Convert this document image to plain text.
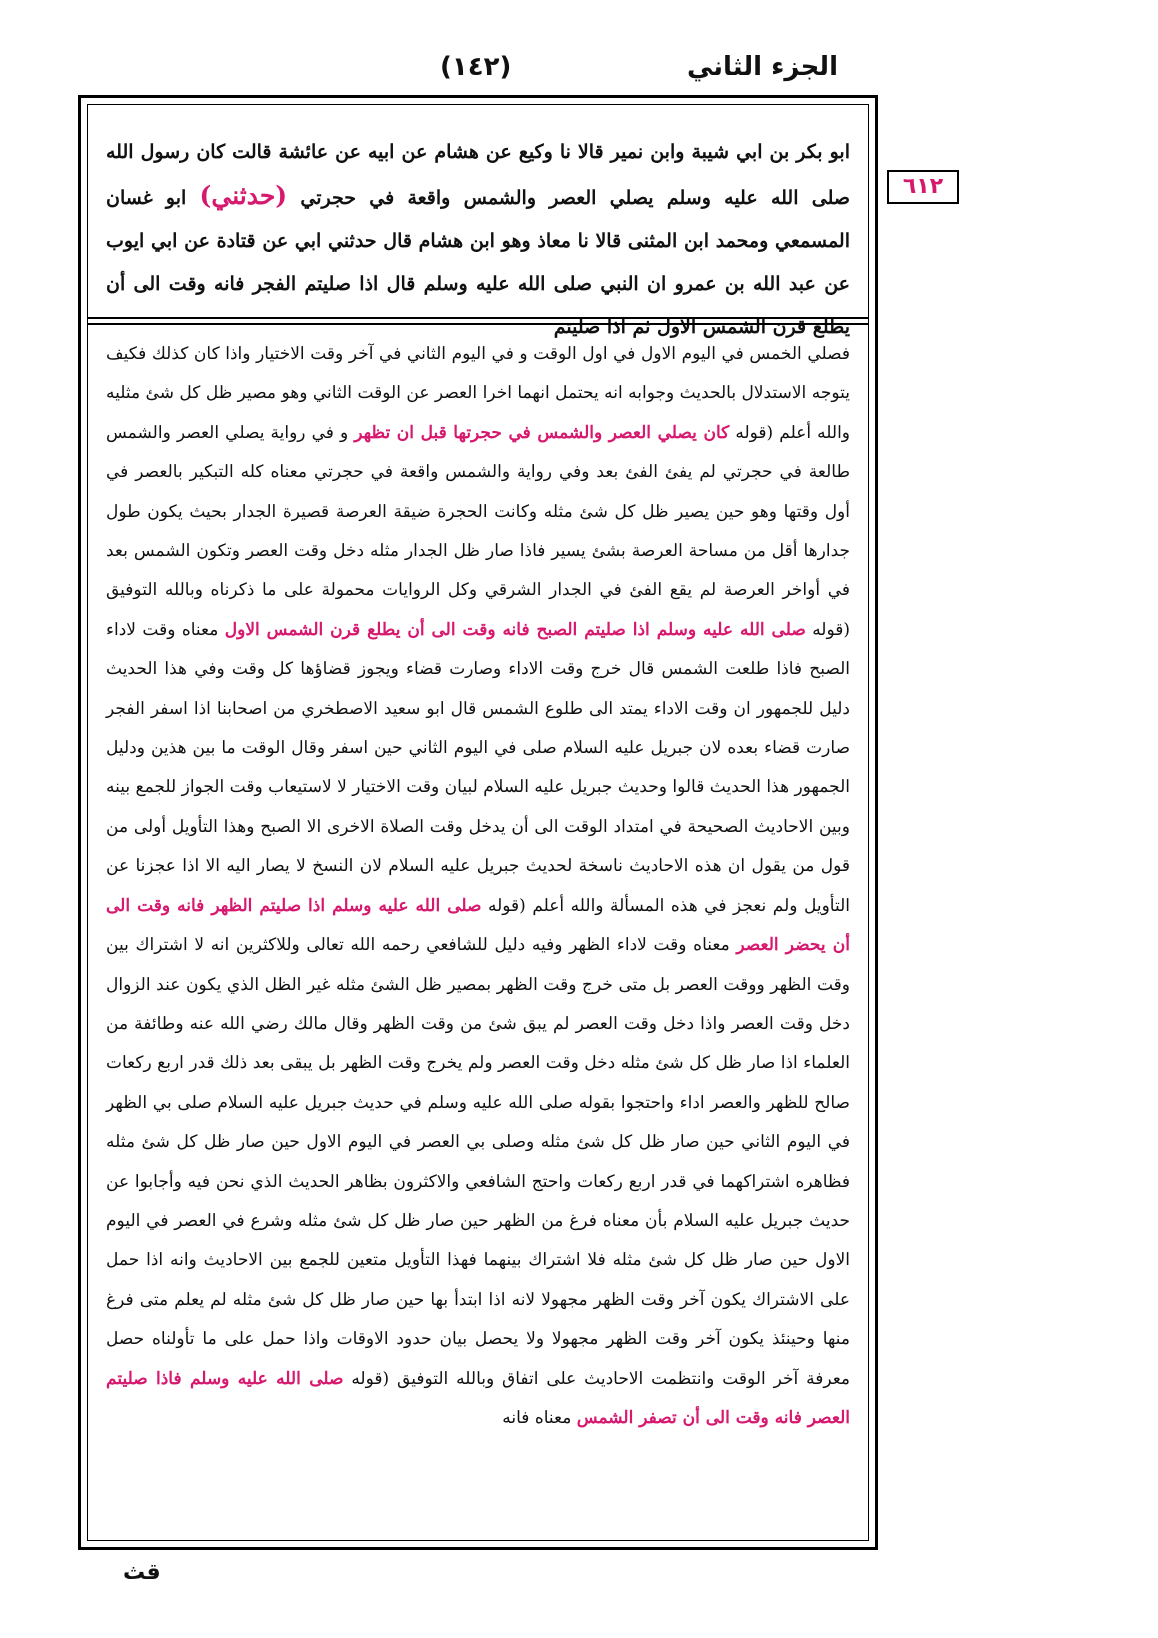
الجزء الثاني
(١٤٢)
٦١٢
ابو بكر بن ابي شيبة وابن نمير قالا نا وكيع عن هشام عن ابيه عن عائشة قالت كان رسول الله صلى الله عليه وسلم يصلي العصر والشمس واقعة في حجرتي (حدثني) ابو غسان المسمعي ومحمد ابن المثنى قالا نا معاذ وهو ابن هشام قال حدثني ابي عن قتادة عن ابي ايوب عن عبد الله بن عمرو ان النبي صلى الله عليه وسلم قال اذا صليتم الفجر فانه وقت الى أن يطلع قرن الشمس الاول ثم اذا صليتم

فصلي الخمس في اليوم الاول في اول الوقت و في اليوم الثاني في آخر وقت الاختيار واذا كان كذلك فكيف يتوجه الاستدلال بالحديث وجوابه انه يحتمل انهما اخرا العصر عن الوقت الثاني وهو مصير ظل كل شئ مثليه والله أعلم (قوله كان يصلي العصر والشمس في حجرتها قبل ان تظهر و في رواية يصلي العصر والشمس طالعة في حجرتي لم يفئ الفئ بعد وفي رواية والشمس واقعة في حجرتي معناه كله التبكير بالعصر في أول وقتها وهو حين يصير ظل كل شئ مثله وكانت الحجرة ضيقة العرصة قصيرة الجدار بحيث يكون طول جدارها أقل من مساحة العرصة بشئ يسير فاذا صار ظل الجدار مثله دخل وقت العصر وتكون الشمس بعد في أواخر العرصة لم يقع الفئ في الجدار الشرقي وكل الروايات محمولة على ما ذكرناه وبالله التوفيق (قوله صلى الله عليه وسلم اذا صليتم الصبح فانه وقت الى أن يطلع قرن الشمس الاول معناه وقت لاداء الصبح فاذا طلعت الشمس قال خرج وقت الاداء وصارت قضاء ويجوز قضاؤها كل وقت وفي هذا الحديث دليل للجمهور ان وقت الاداء يمتد الى طلوع الشمس قال ابو سعيد الاصطخري من اصحابنا اذا اسفر الفجر صارت قضاء بعده لان جبريل عليه السلام صلى في اليوم الثاني حين اسفر وقال الوقت ما بين هذين ودليل الجمهور هذا الحديث قالوا وحديث جبريل عليه السلام لبيان وقت الاختيار لا لاستيعاب وقت الجواز للجمع بينه وبين الاحاديث الصحيحة في امتداد الوقت الى أن يدخل وقت الصلاة الاخرى الا الصبح وهذا التأويل أولى من قول من يقول ان هذه الاحاديث ناسخة لحديث جبريل عليه السلام لان النسخ لا يصار اليه الا اذا عجزنا عن التأويل ولم نعجز في هذه المسألة والله أعلم (قوله صلى الله عليه وسلم اذا صليتم الظهر فانه وقت الى أن يحضر العصر معناه وقت لاداء الظهر وفيه دليل للشافعي رحمه الله تعالى وللاكثرين انه لا اشتراك بين وقت الظهر ووقت العصر بل متى خرج وقت الظهر بمصير ظل الشئ مثله غير الظل الذي يكون عند الزوال دخل وقت العصر واذا دخل وقت العصر لم يبق شئ من وقت الظهر وقال مالك رضي الله عنه وطائفة من العلماء اذا صار ظل كل شئ مثله دخل وقت العصر ولم يخرج وقت الظهر بل يبقى بعد ذلك قدر اربع ركعات صالح للظهر والعصر اداء واحتجوا بقوله صلى الله عليه وسلم في حديث جبريل عليه السلام صلى بي الظهر في اليوم الثاني حين صار ظل كل شئ مثله وصلى بي العصر في اليوم الاول حين صار ظل كل شئ مثله فظاهره اشتراكهما في قدر اربع ركعات واحتج الشافعي والاكثرون بظاهر الحديث الذي نحن فيه وأجابوا عن حديث جبريل عليه السلام بأن معناه فرغ من الظهر حين صار ظل كل شئ مثله وشرع في العصر في اليوم الاول حين صار ظل كل شئ مثله فلا اشتراك بينهما فهذا التأويل متعين للجمع بين الاحاديث وانه اذا حمل على الاشتراك يكون آخر وقت الظهر مجهولا لانه اذا ابتدأ بها حين صار ظل كل شئ مثله لم يعلم متى فرغ منها وحينئذ يكون آخر وقت الظهر مجهولا ولا يحصل بيان حدود الاوقات واذا حمل على ما تأولناه حصل معرفة آخر الوقت وانتظمت الاحاديث على اتفاق وبالله التوفيق (قوله صلى الله عليه وسلم فاذا صليتم العصر فانه وقت الى أن تصفر الشمس معناه فانه

قث
